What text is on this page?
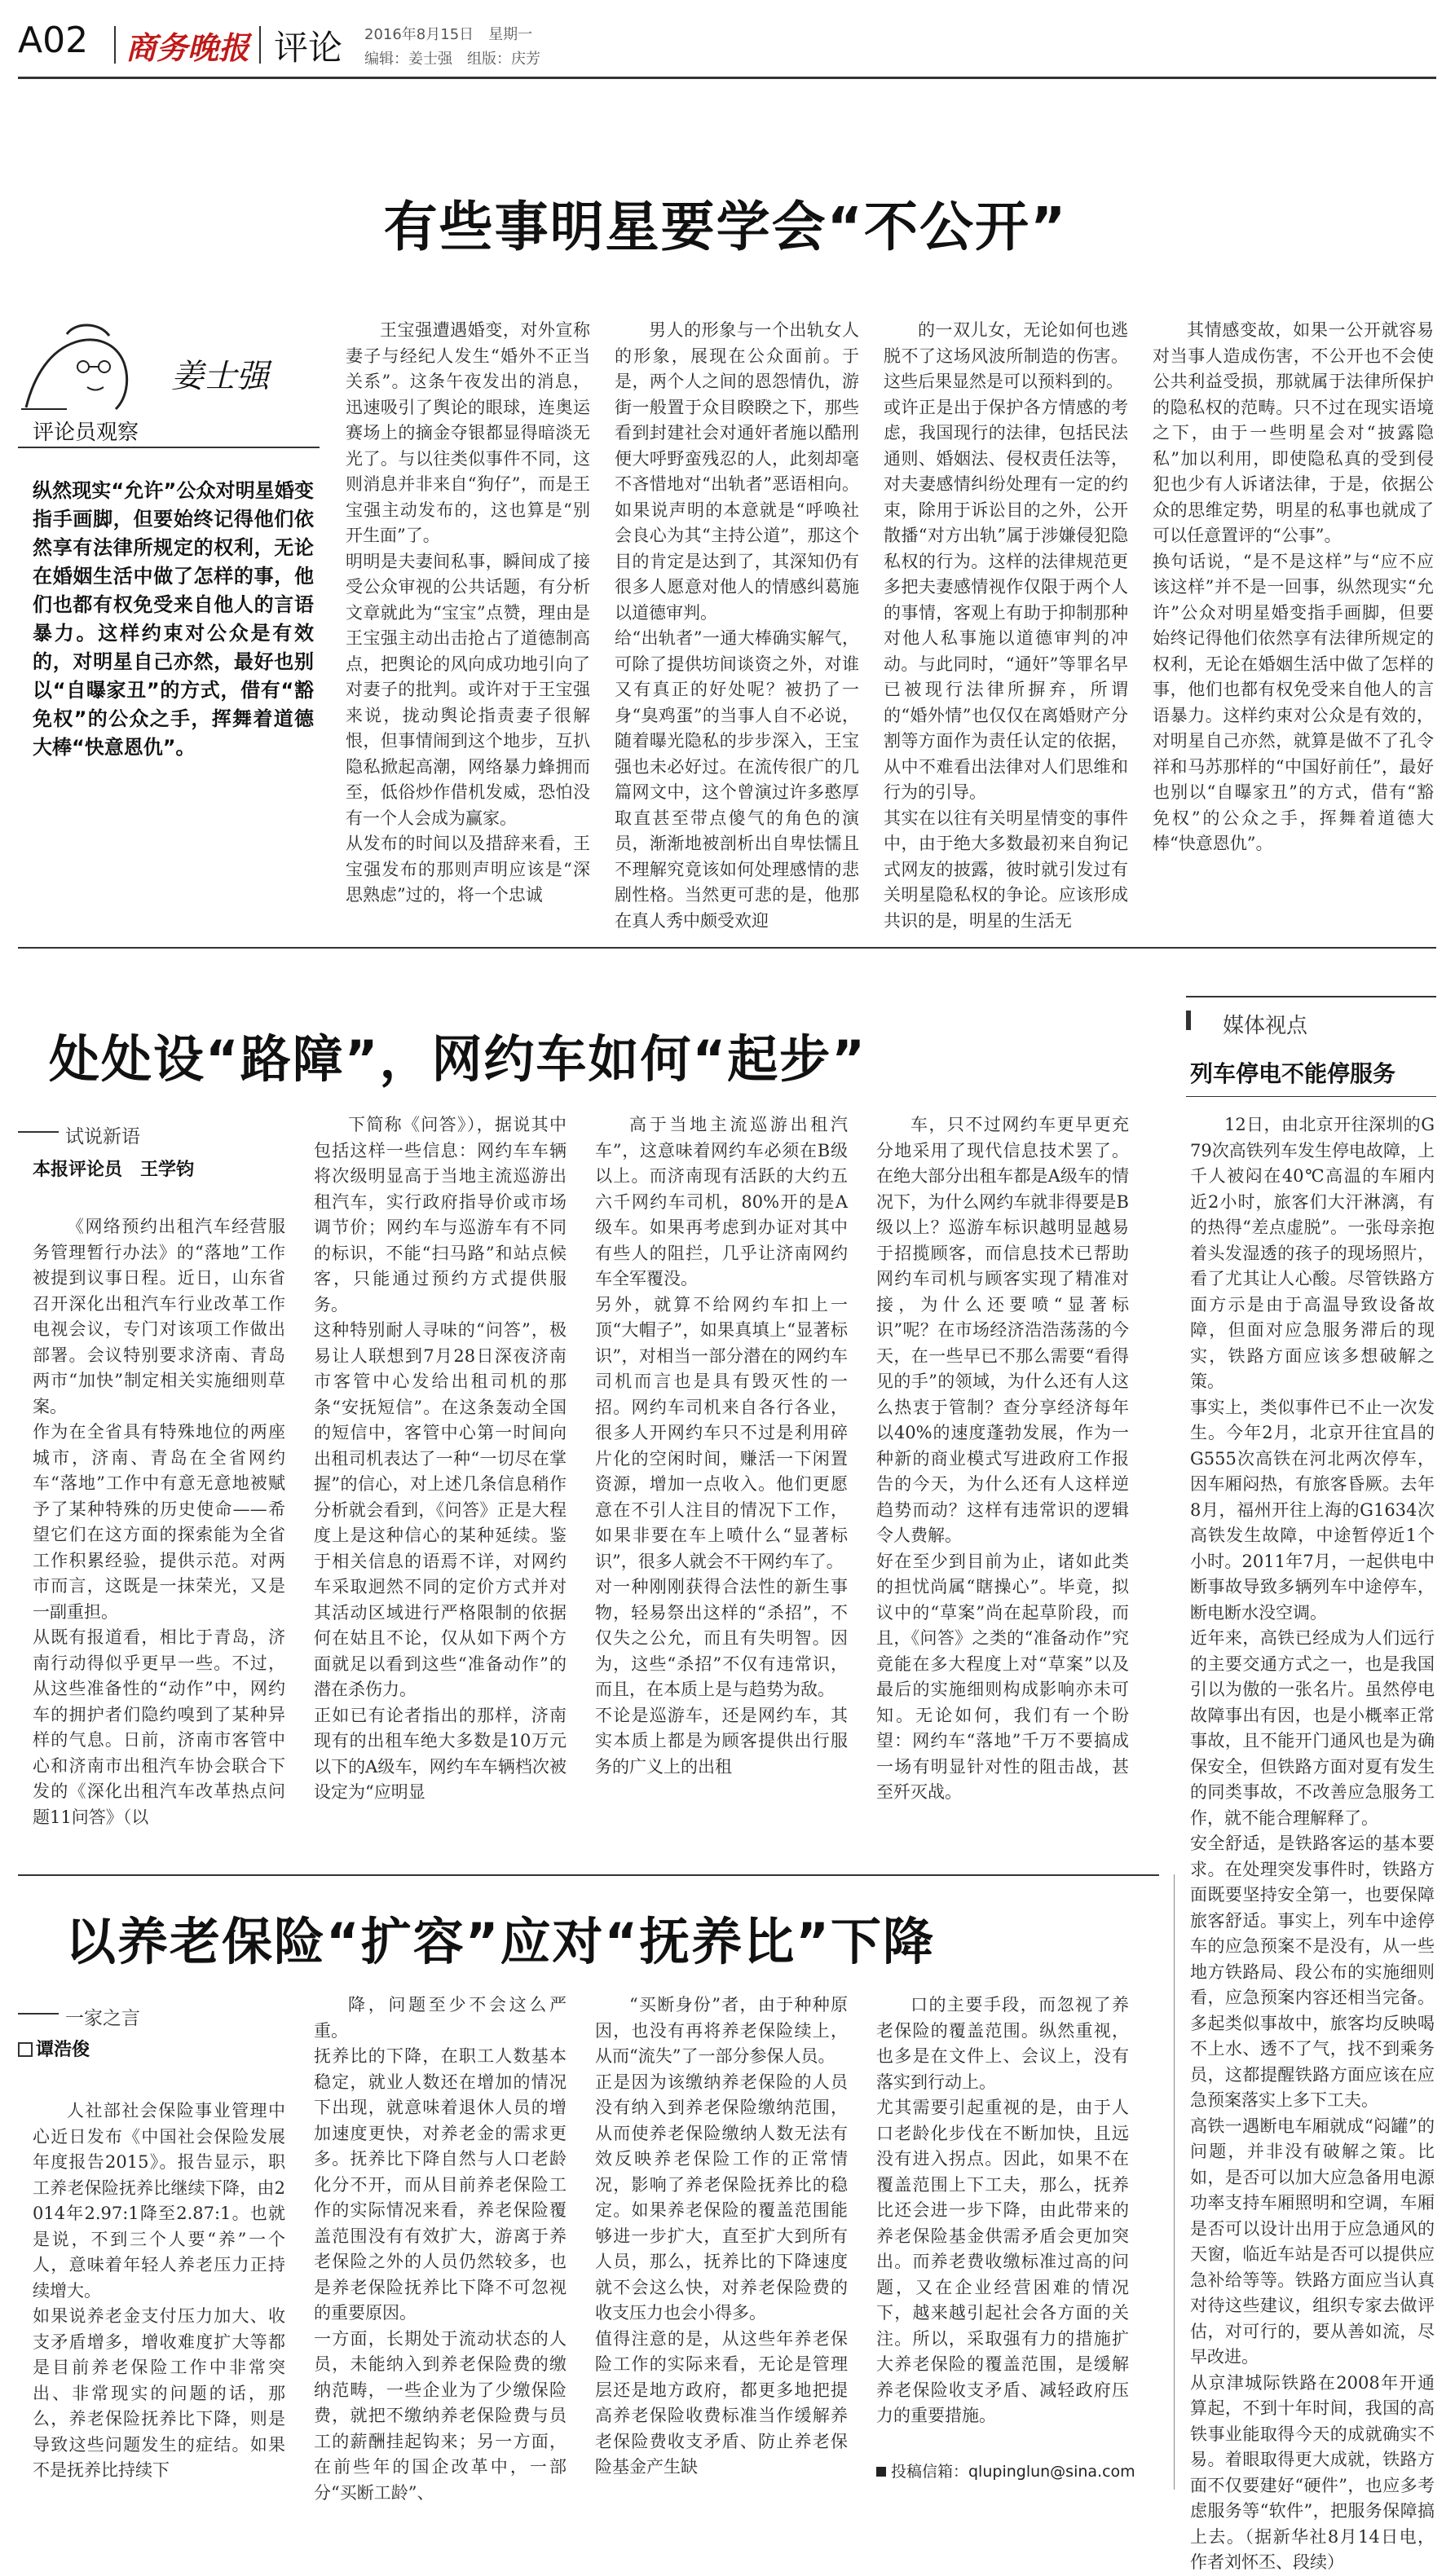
A02 商务晚报 评论 2016年8月15日　星期一
编辑：姜士强　组版：庆芳
有些事明星要学会“不公开”
姜士强
评论员观察
纵然现实“允许”公众对明星婚变指手画脚，但要始终记得他们依然享有法律所规定的权利，无论在婚姻生活中做了怎样的事，他们也都有权免受来自他人的言语暴力。这样约束对公众是有效的，对明星自己亦然，最好也别以“自曝家丑”的方式，借有“豁免权”的公众之手，挥舞着道德大棒“快意恩仇”。
王宝强遭遇婚变，对外宣称妻子与经纪人发生“婚外不正当关系”。这条午夜发出的消息，迅速吸引了舆论的眼球，连奥运赛场上的摘金夺银都显得暗淡无光了。与以往类似事件不同，这则消息并非来自“狗仔”，而是王宝强主动发布的，这也算是“别开生面”了。
明明是夫妻间私事，瞬间成了接受公众审视的公共话题，有分析文章就此为“宝宝”点赞，理由是王宝强主动出击抢占了道德制高点，把舆论的风向成功地引向了对妻子的批判。或许对于王宝强来说，拢动舆论指责妻子很解恨，但事情闹到这个地步，互扒隐私掀起高潮，网络暴力蜂拥而至，低俗炒作借机发威，恐怕没有一个人会成为赢家。
从发布的时间以及措辞来看，王宝强发布的那则声明应该是“深思熟虑”过的，将一个忠诚
男人的形象与一个出轨女人的形象，展现在公众面前。于是，两个人之间的恩怨情仇，游街一般置于众目睽睽之下，那些看到封建社会对通奸者施以酷刑便大呼野蛮残忍的人，此刻却毫不吝惜地对“出轨者”恶语相向。如果说声明的本意就是“呼唤社会良心为其“主持公道”，那这个目的肯定是达到了，其深知仍有很多人愿意对他人的情感纠葛施以道德审判。
给“出轨者”一通大棒确实解气，可除了提供坊间谈资之外，对谁又有真正的好处呢？被扔了一身“臭鸡蛋”的当事人自不必说，随着曝光隐私的步步深入，王宝强也未必好过。在流传很广的几篇网文中，这个曾演过许多憨厚取直甚至带点傻气的角色的演员，渐渐地被剖析出自卑怯懦且不理解究竟该如何处理感情的悲剧性格。当然更可悲的是，他那在真人秀中颇受欢迎
的一双儿女，无论如何也逃脱不了这场风波所制造的伤害。这些后果显然是可以预料到的。
或许正是出于保护各方情感的考虑，我国现行的法律，包括民法通则、婚姻法、侵权责任法等，对夫妻感情纠纷处理有一定的约束，除用于诉讼目的之外，公开散播“对方出轨”属于涉嫌侵犯隐私权的行为。这样的法律规范更多把夫妻感情视作仅限于两个人的事情，客观上有助于抑制那种对他人私事施以道德审判的冲动。与此同时，“通奸”等罪名早已被现行法律所摒弃，所谓的“婚外情”也仅仅在离婚财产分割等方面作为责任认定的依据，从中不难看出法律对人们思维和行为的引导。
其实在以往有关明星情变的事件中，由于绝大多数最初来自狗记式网友的披露，彼时就引发过有关明星隐私权的争论。应该形成共识的是，明星的生活无
其情感变故，如果一公开就容易对当事人造成伤害，不公开也不会使公共利益受损，那就属于法律所保护的隐私权的范畴。只不过在现实语境之下，由于一些明星会对“披露隐私”加以利用，即使隐私真的受到侵犯也少有人诉诸法律，于是，依据公众的思维定势，明星的私事也就成了可以任意置评的“公事”。
换句话说，“是不是这样”与“应不应该这样”并不是一回事，纵然现实“允许”公众对明星婚变指手画脚，但要始终记得他们依然享有法律所规定的权利，无论在婚姻生活中做了怎样的事，他们也都有权免受来自他人的言语暴力。这样约束对公众是有效的，对明星自己亦然，就算是做不了孔令祥和马苏那样的“中国好前任”，最好也别以“自曝家丑”的方式，借有“豁免权”的公众之手，挥舞着道德大棒“快意恩仇”。
处处设“路障”，网约车如何“起步”
试说新语
本报评论员　王学钧
《网络预约出租汽车经营服务管理暂行办法》的“落地”工作被提到议事日程。近日，山东省召开深化出租汽车行业改革工作电视会议，专门对该项工作做出部署。会议特别要求济南、青岛两市“加快”制定相关实施细则草案。
作为在全省具有特殊地位的两座城市，济南、青岛在全省网约车“落地”工作中有意无意地被赋予了某种特殊的历史使命——希望它们在这方面的探索能为全省工作积累经验，提供示范。对两市而言，这既是一抹荣光，又是一副重担。
从既有报道看，相比于青岛，济南行动得似乎更早一些。不过，从这些准备性的“动作”中，网约车的拥护者们隐约嗅到了某种异样的气息。日前，济南市客管中心和济南市出租汽车协会联合下发的《深化出租汽车改革热点问题11问答》（以
下简称《问答》），据说其中包括这样一些信息：网约车车辆将次级明显高于当地主流巡游出租汽车，实行政府指导价或市场调节价；网约车与巡游车有不同的标识，不能“扫马路”和站点候客，只能通过预约方式提供服务。
这种特别耐人寻味的“问答”，极易让人联想到7月28日深夜济南市客管中心发给出租司机的那条“安抚短信”。在这条轰动全国的短信中，客管中心第一时间向出租司机表达了一种“一切尽在掌握”的信心，对上述几条信息稍作分析就会看到，《问答》正是大程度上是这种信心的某种延续。鉴于相关信息的语焉不详，对网约车采取迥然不同的定价方式并对其活动区域进行严格限制的依据何在姑且不论，仅从如下两个方面就足以看到这些“准备动作”的潜在杀伤力。
正如已有论者指出的那样，济南现有的出租车绝大多数是10万元以下的A级车，网约车车辆档次被设定为“应明显
高于当地主流巡游出租汽车”，这意味着网约车必须在B级以上。而济南现有活跃的大约五六千网约车司机，80%开的是A级车。如果再考虑到办证对其中有些人的阻拦，几乎让济南网约车全军覆没。
另外，就算不给网约车扣上一顶“大帽子”，如果真填上“显著标识”，对相当一部分潜在的网约车司机而言也是具有毁灭性的一招。网约车司机来自各行各业，很多人开网约车只不过是利用碎片化的空闲时间，赚活一下闲置资源，增加一点收入。他们更愿意在不引人注目的情况下工作，如果非要在车上喷什么“显著标识”，很多人就会不干网约车了。
对一种刚刚获得合法性的新生事物，轻易祭出这样的“杀招”，不仅失之公允，而且有失明智。因为，这些“杀招”不仅有违常识，而且，在本质上是与趋势为敌。
不论是巡游车，还是网约车，其实本质上都是为顾客提供出行服务的广义上的出租
车，只不过网约车更早更充分地采用了现代信息技术罢了。在绝大部分出租车都是A级车的情况下，为什么网约车就非得要是B级以上？巡游车标识越明显越易于招揽顾客，而信息技术已帮助网约车司机与顾客实现了精准对接，为什么还要喷“显著标识”呢？在市场经济浩浩荡荡的今天，在一些早已不那么需要“看得见的手”的领域，为什么还有人这么热衷于管制？查分享经济每年以40%的速度蓬勃发展，作为一种新的商业模式写进政府工作报告的今天，为什么还有人这样逆趋势而动？这样有违常识的逻辑令人费解。
好在至少到目前为止，诸如此类的担忧尚属“瞎操心”。毕竟，拟议中的“草案”尚在起草阶段，而且，《问答》之类的“准备动作”究竟能在多大程度上对“草案”以及最后的实施细则构成影响亦未可知。无论如何，我们有一个盼望：网约车“落地”千万不要搞成一场有明显针对性的阻击战，甚至歼灭战。
媒体视点
列车停电不能停服务
12日，由北京开往深圳的G79次高铁列车发生停电故障，上千人被闷在40℃高温的车厢内近2小时，旅客们大汗淋漓，有的热得“差点虚脱”。一张母亲抱着头发湿透的孩子的现场照片，看了尤其让人心酸。尽管铁路方面方示是由于高温导致设备故障，但面对应急服务滞后的现实，铁路方面应该多想破解之策。
事实上，类似事件已不止一次发生。今年2月，北京开往宜昌的G555次高铁在河北两次停车，因车厢闷热，有旅客昏厥。去年8月，福州开往上海的G1634次高铁发生故障，中途暂停近1个小时。2011年7月，一起供电中断事故导致多辆列车中途停车，断电断水没空调。
近年来，高铁已经成为人们远行的主要交通方式之一，也是我国引以为傲的一张名片。虽然停电故障事出有因，也是小概率正常事故，且不能开门通风也是为确保安全，但铁路方面对夏有发生的同类事故，不改善应急服务工作，就不能合理解释了。
安全舒适，是铁路客运的基本要求。在处理突发事件时，铁路方面既要坚持安全第一，也要保障旅客舒适。事实上，列车中途停车的应急预案不是没有，从一些地方铁路局、段公布的实施细则看，应急预案内容还相当完备。多起类似事故中，旅客均反映喝不上水、透不了气，找不到乘务员，这都提醒铁路方面应该在应急预案落实上多下工夫。
高铁一遇断电车厢就成“闷罐”的问题，并非没有破解之策。比如，是否可以加大应急备用电源功率支持车厢照明和空调，车厢是否可以设计出用于应急通风的天窗，临近车站是否可以提供应急补给等等。铁路方面应当认真对待这些建议，组织专家去做评估，对可行的，要从善如流，尽早改进。
从京津城际铁路在2008年开通算起，不到十年时间，我国的高铁事业能取得今天的成就确实不易。着眼取得更大成就，铁路方面不仅要建好“硬件”，也应多考虑服务等“软件”，把服务保障搞上去。（据新华社8月14日电，作者刘怀丕、段续）
以养老保险“扩容”应对“抚养比”下降
一家之言
谭浩俊
人社部社会保险事业管理中心近日发布《中国社会保险发展年度报告2015》。报告显示，职工养老保险抚养比继续下降，由2014年2.97:1降至2.87:1。也就是说，不到三个人要“养”一个人，意味着年轻人养老压力正持续增大。
如果说养老金支付压力加大、收支矛盾增多，增收难度扩大等都是目前养老保险工作中非常突出、非常现实的问题的话，那么，养老保险抚养比下降，则是导致这些问题发生的症结。如果不是抚养比持续下
降，问题至少不会这么严重。
抚养比的下降，在职工人数基本稳定，就业人数还在增加的情况下出现，就意味着退休人员的增加速度更快，对养老金的需求更多。抚养比下降自然与人口老龄化分不开，而从目前养老保险工作的实际情况来看，养老保险覆盖范围没有有效扩大，游离于养老保险之外的人员仍然较多，也是养老保险抚养比下降不可忽视的重要原因。
一方面，长期处于流动状态的人员，未能纳入到养老保险费的缴纳范畴，一些企业为了少缴保险费，就把不缴纳养老保险费与员工的薪酬挂起钩来；另一方面，在前些年的国企改革中，一部分“买断工龄”、
“买断身份”者，由于种种原因，也没有再将养老保险续上，从而“流失”了一部分参保人员。
正是因为该缴纳养老保险的人员没有纳入到养老保险缴纳范围，从而使养老保险缴纳人数无法有效反映养老保险工作的正常情况，影响了养老保险抚养比的稳定。如果养老保险的覆盖范围能够进一步扩大，直至扩大到所有人员，那么，抚养比的下降速度就不会这么快，对养老保险费的收支压力也会小得多。
值得注意的是，从这些年养老保险工作的实际来看，无论是管理层还是地方政府，都更多地把提高养老保险收费标准当作缓解养老保险费收支矛盾、防止养老保险基金产生缺
口的主要手段，而忽视了养老保险的覆盖范围。纵然重视，也多是在文件上、会议上，没有落实到行动上。
尤其需要引起重视的是，由于人口老龄化步伐在不断加快，且远没有进入拐点。因此，如果不在覆盖范围上下工夫，那么，抚养比还会进一步下降，由此带来的养老保险基金供需矛盾会更加突出。而养老费收缴标准过高的问题，又在企业经营困难的情况下，越来越引起社会各方面的关注。所以，采取强有力的措施扩大养老保险的覆盖范围，是缓解养老保险收支矛盾、减轻政府压力的重要措施。
投稿信箱：qlupinglun@sina.com
